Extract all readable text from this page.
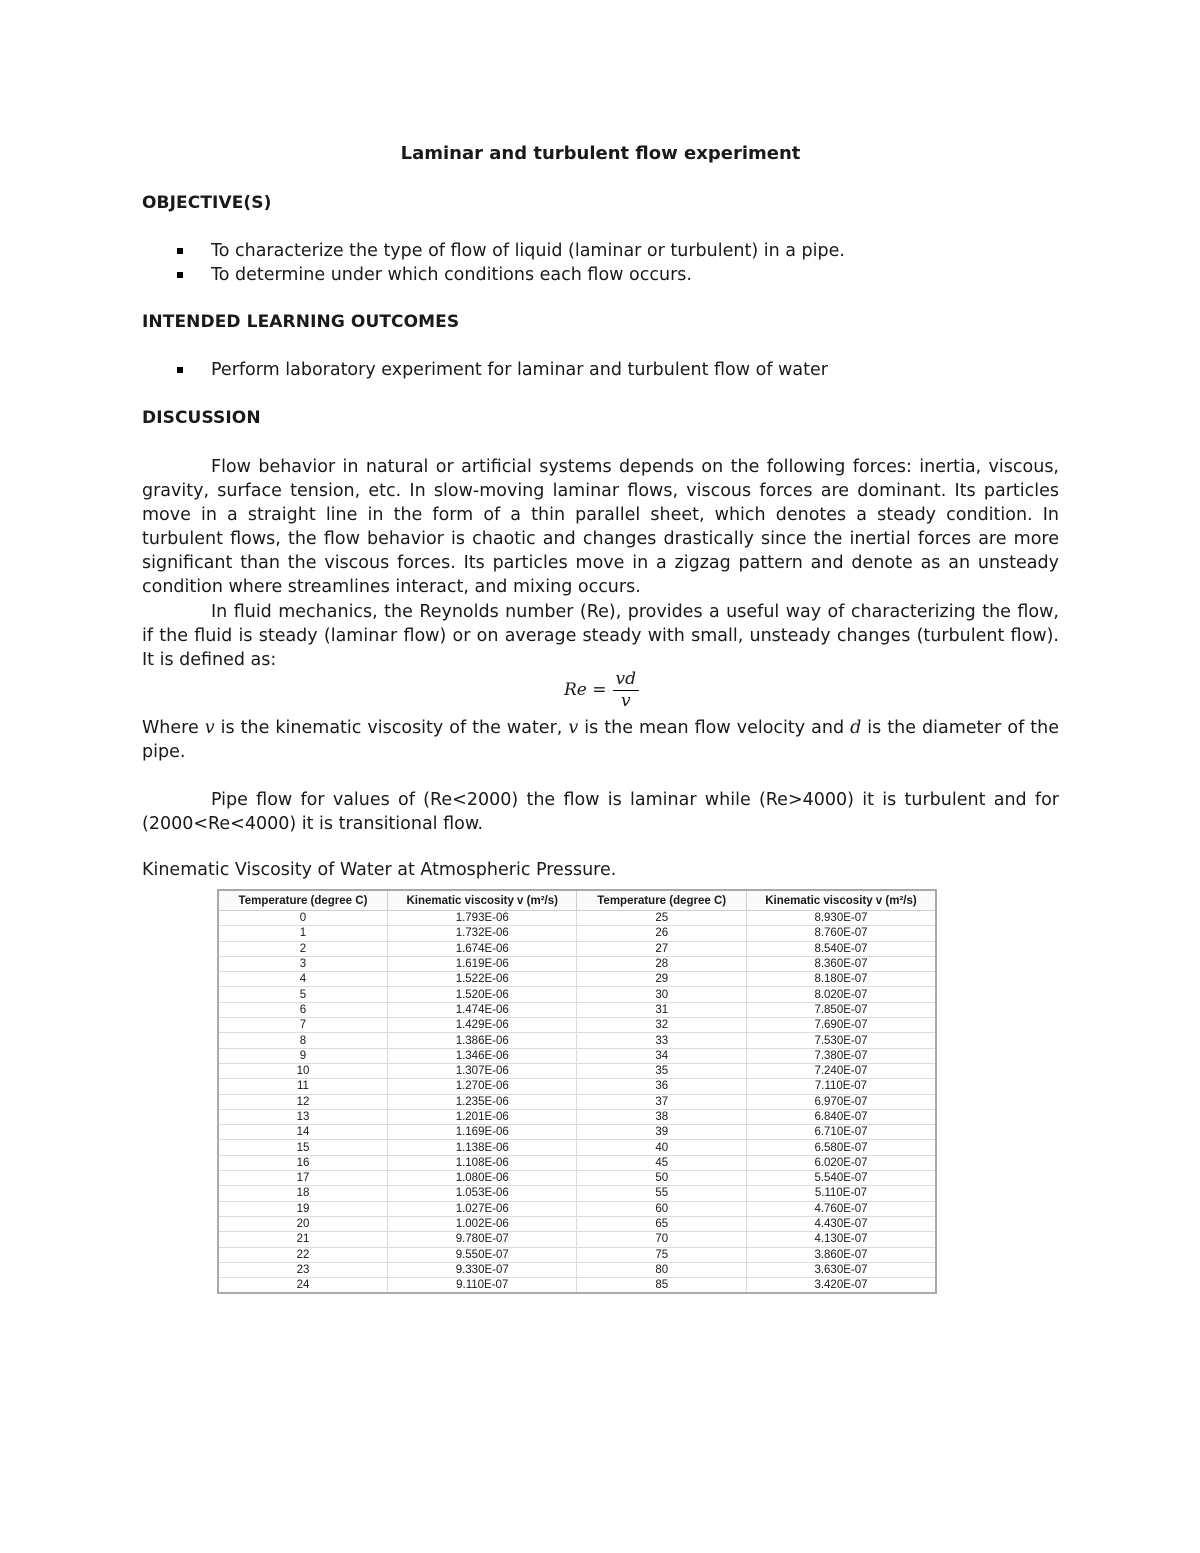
Laminar and turbulent flow experiment
OBJECTIVE(S)
To characterize the type of flow of liquid (laminar or turbulent) in a pipe.
To determine under which conditions each flow occurs.
INTENDED LEARNING OUTCOMES
Perform laboratory experiment for laminar and turbulent flow of water
DISCUSSION

Flow behavior in natural or artificial systems depends on the following forces: inertia, viscous, gravity, surface tension, etc. In slow-moving laminar flows, viscous forces are dominant. Its particles move in a straight line in the form of a thin parallel sheet, which denotes a steady condition. In turbulent flows, the flow behavior is chaotic and changes drastically since the inertial forces are more significant than the viscous forces. Its particles move in a zigzag pattern and denote as an unsteady condition where streamlines interact, and mixing occurs.

In fluid mechanics, the Reynolds number (Re), provides a useful way of characterizing the flow, if the fluid is steady (laminar flow) or on average steady with small, unsteady changes (turbulent flow). It is defined as:

$Re = \frac{vd}{v}$

Where v is the kinematic viscosity of the water, v is the mean flow velocity and d is the diameter of the pipe.

Pipe flow for values of (Re<2000) the flow is laminar while (Re>4000) it is turbulent and for (2000<Re<4000) it is transitional flow.

Kinematic Viscosity of Water at Atmospheric Pressure.

Temperature (degree C)	Kinematic viscosity v (m²/s)	Temperature (degree C)	Kinematic viscosity v (m²/s)
0	1.793E-06	25	8.930E-07
1	1.732E-06	26	8.760E-07
2	1.674E-06	27	8.540E-07
3	1.619E-06	28	8.360E-07
4	1.522E-06	29	8.180E-07
5	1.520E-06	30	8.020E-07
6	1.474E-06	31	7.850E-07
7	1.429E-06	32	7.690E-07
8	1.386E-06	33	7.530E-07
9	1.346E-06	34	7.380E-07
10	1.307E-06	35	7.240E-07
11	1.270E-06	36	7.110E-07
12	1.235E-06	37	6.970E-07
13	1.201E-06	38	6.840E-07
14	1.169E-06	39	6.710E-07
15	1.138E-06	40	6.580E-07
16	1.108E-06	45	6.020E-07
17	1.080E-06	50	5.540E-07
18	1.053E-06	55	5.110E-07
19	1.027E-06	60	4.760E-07
20	1.002E-06	65	4.430E-07
21	9.780E-07	70	4.130E-07
22	9.550E-07	75	3.860E-07
23	9.330E-07	80	3.630E-07
24	9.110E-07	85	3.420E-07
